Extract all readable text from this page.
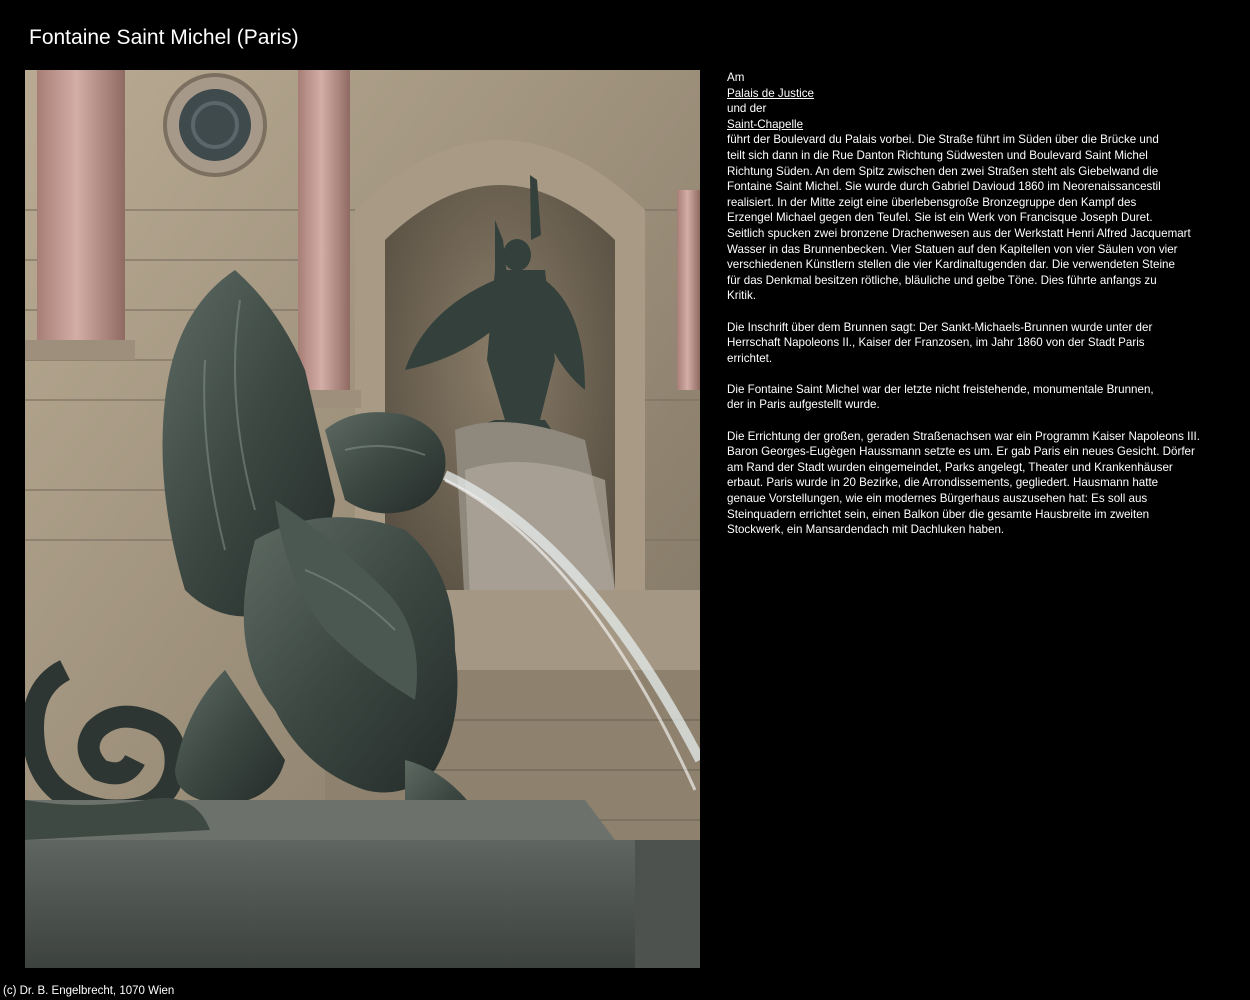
Fontaine Saint Michel (Paris)
Am
Palais de Justice
und der
Saint-Chapelle
führt der Boulevard du Palais vorbei. Die Straße führt im Süden über die Brücke und
teilt sich dann in die Rue Danton Richtung Südwesten und Boulevard Saint Michel
Richtung Süden. An dem Spitz zwischen den zwei Straßen steht als Giebelwand die
Fontaine Saint Michel. Sie wurde durch Gabriel Davioud 1860 im Neorenaissancestil
realisiert. In der Mitte zeigt eine überlebensgroße Bronzegruppe den Kampf des
Erzengel Michael gegen den Teufel. Sie ist ein Werk von Francisque Joseph Duret.
Seitlich spucken zwei bronzene Drachenwesen aus der Werkstatt Henri Alfred Jacquemart
Wasser in das Brunnenbecken. Vier Statuen auf den Kapitellen von vier Säulen von vier
verschiedenen Künstlern stellen die vier Kardinaltugenden dar. Die verwendeten Steine
für das Denkmal besitzen rötliche, bläuliche und gelbe Töne. Dies führte anfangs zu
Kritik.
Die Inschrift über dem Brunnen sagt: Der Sankt-Michaels-Brunnen wurde unter der
Herrschaft Napoleons II., Kaiser der Franzosen, im Jahr 1860 von der Stadt Paris
errichtet.
Die Fontaine Saint Michel war der letzte nicht freistehende, monumentale Brunnen,
der in Paris aufgestellt wurde.
Die Errichtung der großen, geraden Straßenachsen war ein Programm Kaiser Napoleons III.
Baron Georges-Eugègen Haussmann setzte es um. Er gab Paris ein neues Gesicht. Dörfer
am Rand der Stadt wurden eingemeindet, Parks angelegt, Theater und Krankenhäuser
erbaut. Paris wurde in 20 Bezirke, die Arrondissements, gegliedert. Hausmann hatte
genaue Vorstellungen, wie ein modernes Bürgerhaus auszusehen hat: Es soll aus
Steinquadern errichtet sein, einen Balkon über die gesamte Hausbreite im zweiten
Stockwerk, ein Mansardendach mit Dachluken haben.
(c) Dr. B. Engelbrecht, 1070 Wien
